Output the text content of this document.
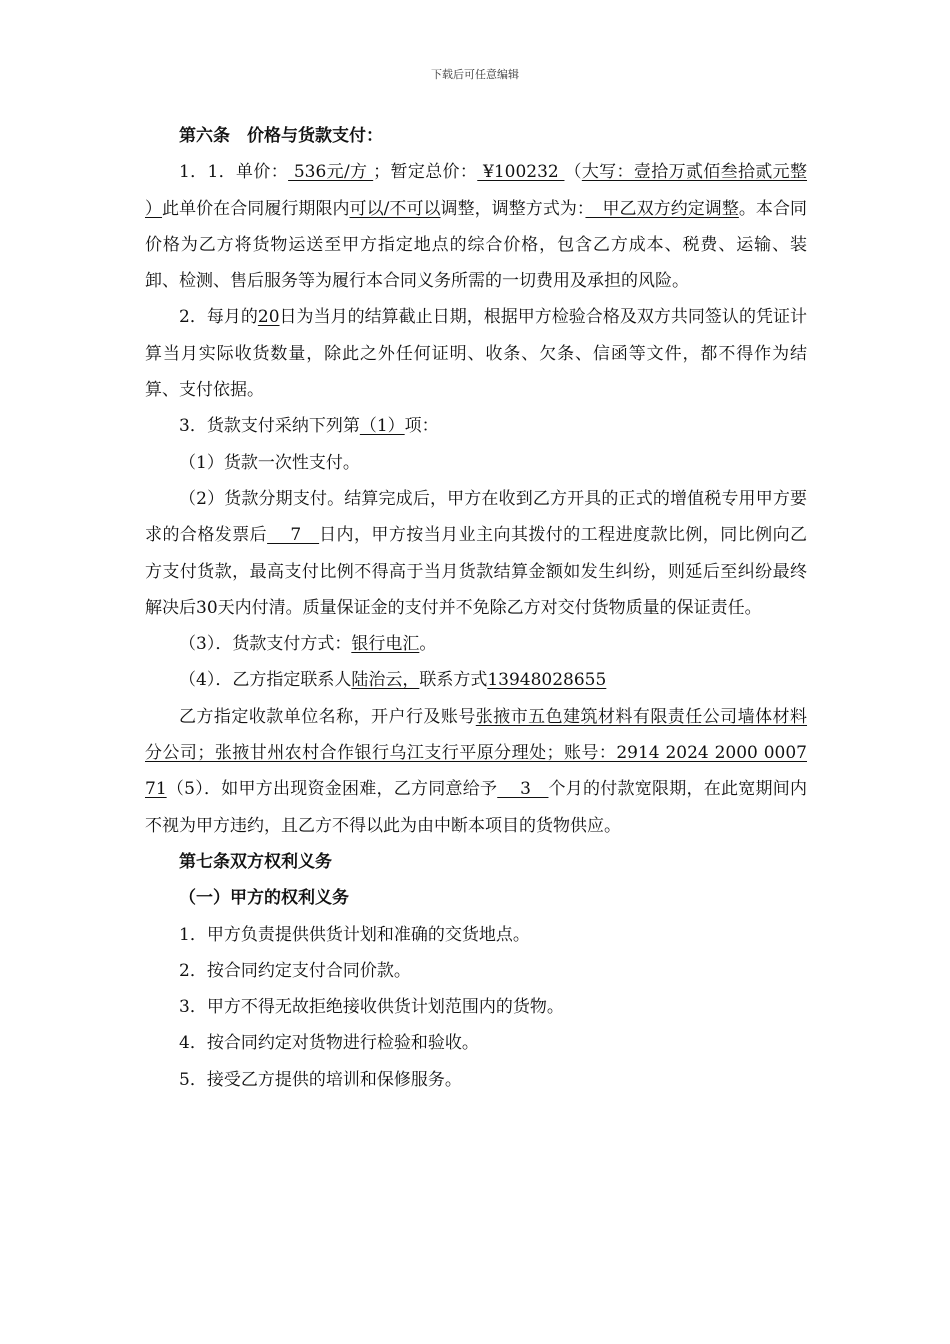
下载后可任意编辑

第六条　价格与货款支付：

1．1．单价： 536元/方 ；暂定总价： ¥100232 （大写：壹拾万贰佰叁拾贰元整 ）此单价在合同履行期限内可以/不可以调整，调整方式为：　甲乙双方约定调整。本合同价格为乙方将货物运送至甲方指定地点的综合价格，包含乙方成本、税费、运输、装卸、检测、售后服务等为履行本合同义务所需的一切费用及承担的风险。

2．每月的20日为当月的结算截止日期，根据甲方检验合格及双方共同签认的凭证计算当月实际收货数量，除此之外任何证明、收条、欠条、信函等文件，都不得作为结算、支付依据。

3．货款支付采纳下列第（1）项：

（1）货款一次性支付。

（2）货款分期支付。结算完成后，甲方在收到乙方开具的正式的增值税专用甲方要求的合格发票后　 7　日内，甲方按当月业主向其拨付的工程进度款比例，同比例向乙方支付货款，最高支付比例不得高于当月货款结算金额如发生纠纷，则延后至纠纷最终解决后30天内付清。质量保证金的支付并不免除乙方对交付货物质量的保证责任。

（3）．货款支付方式：银行电汇。

（4）．乙方指定联系人陆治云，联系方式13948028655

乙方指定收款单位名称，开户行及账号张掖市五色建筑材料有限责任公司墙体材料分公司；张掖甘州农村合作银行乌江支行平原分理处；账号：2914 2024 2000 0007 71（5）．如甲方出现资金困难，乙方同意给予　 3　个月的付款宽限期，在此宽期间内不视为甲方违约，且乙方不得以此为由中断本项目的货物供应。

第七条双方权利义务

（一）甲方的权利义务

1．甲方负责提供供货计划和准确的交货地点。

2．按合同约定支付合同价款。

3．甲方不得无故拒绝接收供货计划范围内的货物。

4．按合同约定对货物进行检验和验收。

5．接受乙方提供的培训和保修服务。
